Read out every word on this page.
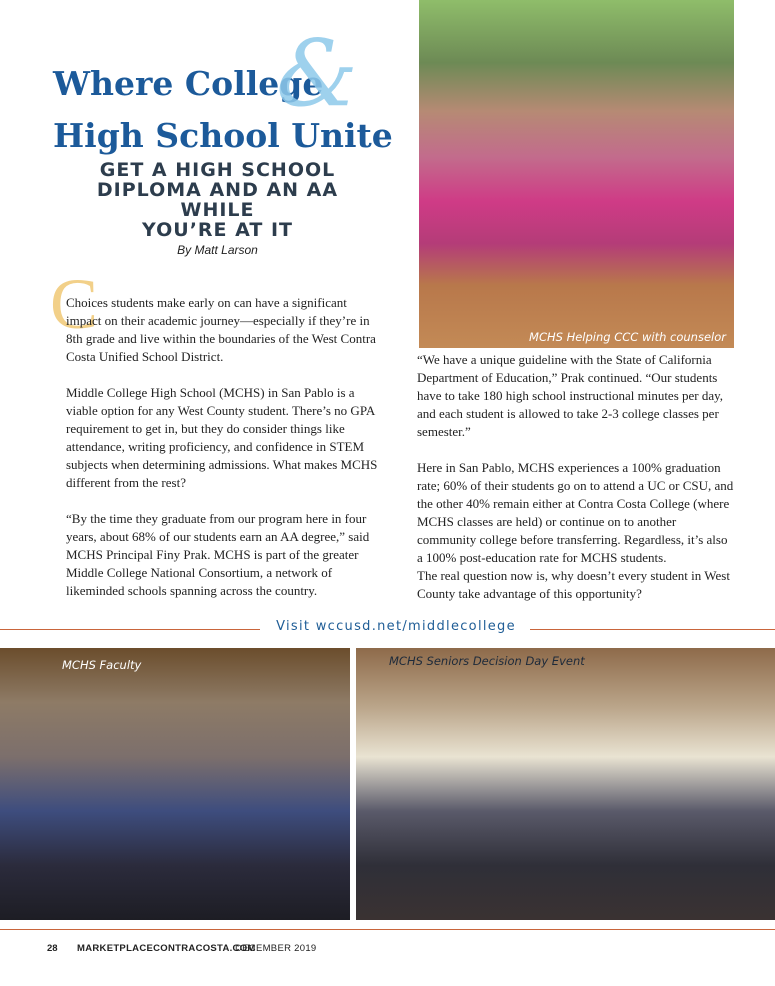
Where College
High School Unite
&
GET A HIGH SCHOOL
DIPLOMA AND AN AA WHILE
YOU’RE AT IT
By Matt Larson
C

Choices students make early on can have a significant impact on their academic journey—especially if they’re in 8th grade and live within the boundaries of the West Contra Costa Unified School District.

Middle College High School (MCHS) in San Pablo is a viable option for any West County student. There’s no GPA requirement to get in, but they do consider things like attendance, writing proficiency, and confidence in STEM subjects when determining admissions. What makes MCHS different from the rest?

“By the time they graduate from our program here in four years, about 68% of our students earn an AA degree,” said MCHS Principal Finy Prak. MCHS is part of the greater Middle College National Consortium, a network of likeminded schools spanning across the country.

MCHS Helping CCC with counselor

“We have a unique guideline with the State of California Department of Education,” Prak continued. “Our students have to take 180 high school instructional minutes per day, and each student is allowed to take 2-3 college classes per semester.”

Here in San Pablo, MCHS experiences a 100% graduation rate; 60% of their students go on to attend a UC or CSU, and the other 40% remain either at Contra Costa College (where MCHS classes are held) or continue on to another community college before transferring. Regardless, it’s also a 100% post-education rate for MCHS students.

The real question now is, why doesn’t every student in West County take advantage of this opportunity?

Visit wccusd.net/middlecollege
MCHS Faculty	MCHS Seniors Decision Day Event
28 MARKETPLACECONTRACOSTA.COM
DECEMBER 2019
